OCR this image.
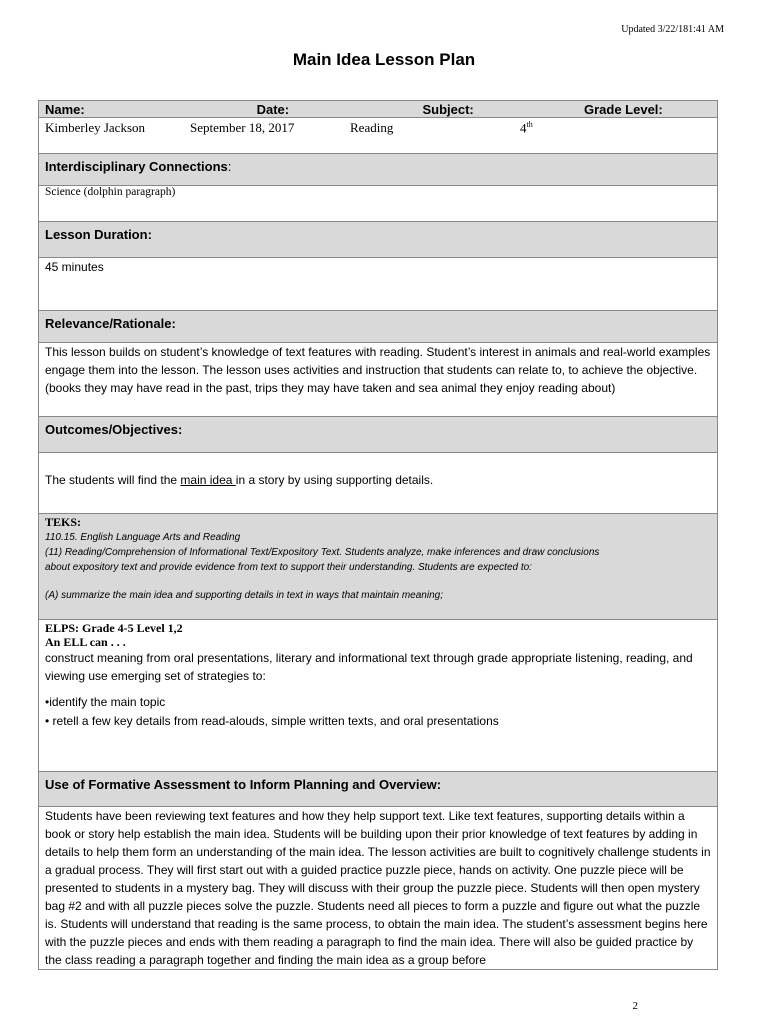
Updated 3/22/181:41 AM
Main Idea Lesson Plan
Name:	Date:	Subject:	Grade Level:

Kimberley Jackson	September 18, 2017	Reading	4th

Interdisciplinary Connections:
Science (dolphin paragraph)
Lesson Duration:
45 minutes
Relevance/Rationale:
This lesson builds on student’s knowledge of text features with reading. Student’s interest in animals and real-world examples engage them into the lesson. The lesson uses activities and instruction that students can relate to, to achieve the objective. (books they may have read in the past, trips they may have taken and sea animal they enjoy reading about)
Outcomes/Objectives:
The students will find the main idea in a story by using supporting details.

TEKS:
110.15. English Language Arts and Reading
(11) Reading/Comprehension of Informational Text/Expository Text. Students analyze, make inferences and draw conclusions
about expository text and provide evidence from text to support their understanding. Students are expected to:
(A) summarize the main idea and supporting details in text in ways that maintain meaning;

ELPS: Grade 4-5 Level 1,2
An ELL can . . .
construct meaning from oral presentations, literary and informational text through grade appropriate listening, reading, and viewing use emerging set of strategies to:
•identify the main topic
• retell a few key details from read-alouds, simple written texts, and oral presentations

Use of Formative Assessment to Inform Planning and Overview:
Students have been reviewing text features and how they help support text. Like text features, supporting details within a book or story help establish the main idea. Students will be building upon their prior knowledge of text features by adding in details to help them form an understanding of the main idea. The lesson activities are built to cognitively challenge students in a gradual process. They will first start out with a guided practice puzzle piece, hands on activity. One puzzle piece will be presented to students in a mystery bag. They will discuss with their group the puzzle piece. Students will then open mystery bag #2 and with all puzzle pieces solve the puzzle. Students need all pieces to form a puzzle and figure out what the puzzle is. Students will understand that reading is the same process, to obtain the main idea. The student’s assessment begins here with the puzzle pieces and ends with them reading a paragraph to find the main idea. There will also be guided practice by the class reading a paragraph together and finding the main idea as a group before
2
